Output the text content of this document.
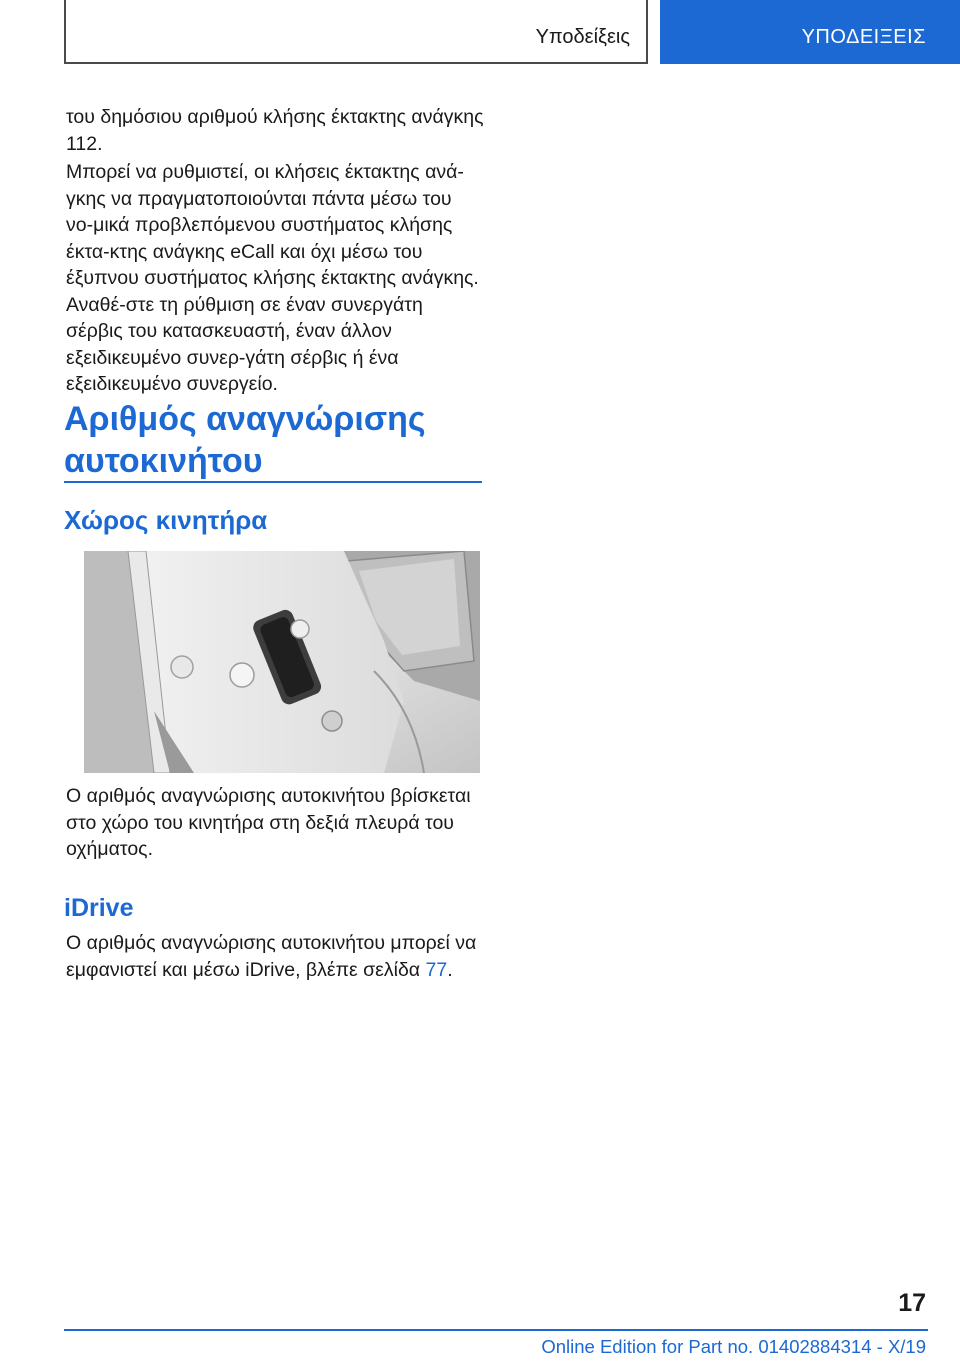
Υποδείξεις	ΥΠΟΔΕΙΞΕΙΣ

του δημόσιου αριθμού κλήσης έκτακτης ανάγκης 112.

Μπορεί να ρυθμιστεί, οι κλήσεις έκτακτης ανά-γκης να πραγματοποιούνται πάντα μέσω του νο-μικά προβλεπόμενου συστήματος κλήσης έκτα-κτης ανάγκης eCall και όχι μέσω του έξυπνου συστήματος κλήσης έκτακτης ανάγκης. Αναθέ-στε τη ρύθμιση σε έναν συνεργάτη σέρβις του κατασκευαστή, έναν άλλον εξειδικευμένο συνερ-γάτη σέρβις ή ένα εξειδικευμένο συνεργείο.

Αριθμός αναγνώρισης αυτοκινήτου
Χώρος κινητήρα

Ο αριθμός αναγνώρισης αυτοκινήτου βρίσκεται στο χώρο του κινητήρα στη δεξιά πλευρά του οχήματος.

iDrive

Ο αριθμός αναγνώρισης αυτοκινήτου μπορεί να εμφανιστεί και μέσω iDrive, βλέπε σελίδα 77.

17
Online Edition for Part no. 01402884314 - X/19
